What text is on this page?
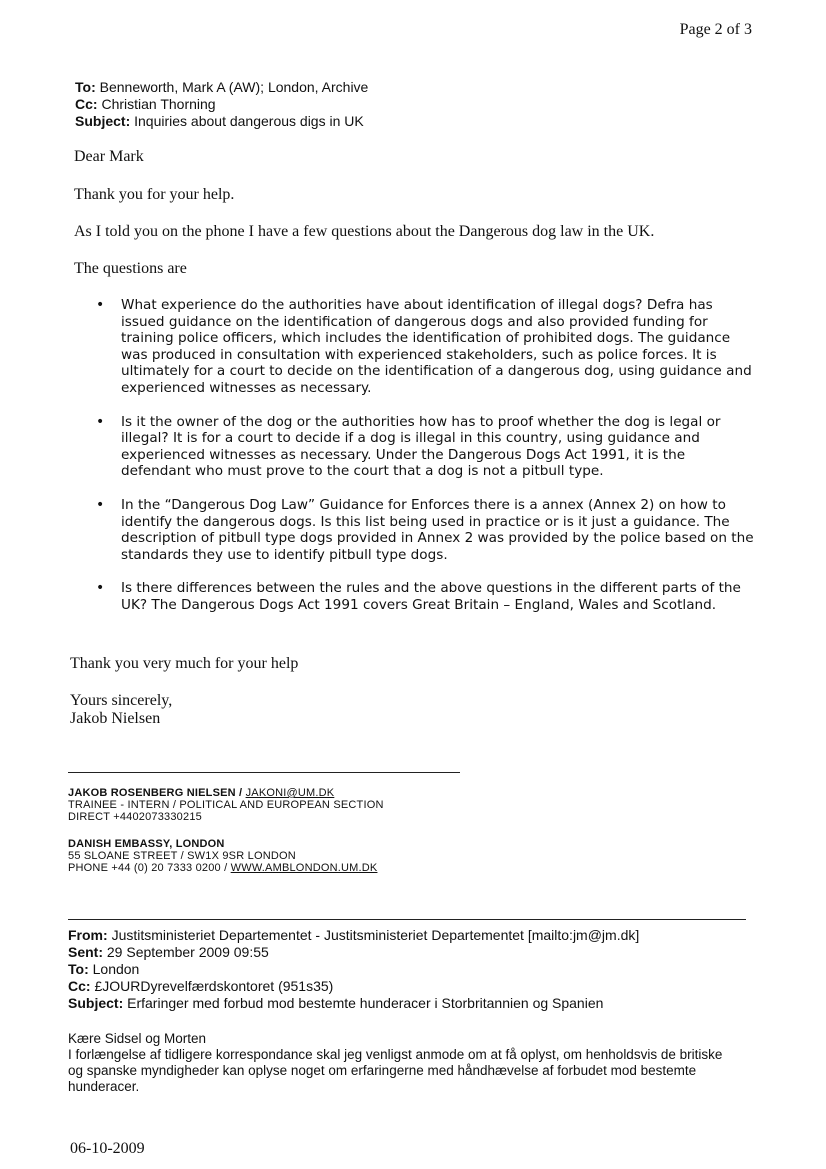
Page 2 of 3
To: Benneworth, Mark A (AW); London, Archive
Cc: Christian Thorning
Subject: Inquiries about dangerous digs in UK
Dear Mark
Thank you for your help.
As I told you on the phone I have a few questions about the Dangerous dog law in the UK.
The questions are
• What experience do the authorities have about identification of illegal dogs? Defra has issued guidance on the identification of dangerous dogs and also provided funding for training police officers, which includes the identification of prohibited dogs. The guidance was produced in consultation with experienced stakeholders, such as police forces. It is ultimately for a court to decide on the identification of a dangerous dog, using guidance and experienced witnesses as necessary.
• Is it the owner of the dog or the authorities how has to proof whether the dog is legal or illegal? It is for a court to decide if a dog is illegal in this country, using guidance and experienced witnesses as necessary. Under the Dangerous Dogs Act 1991, it is the defendant who must prove to the court that a dog is not a pitbull type.
• In the “Dangerous Dog Law” Guidance for Enforces there is a annex (Annex 2) on how to identify the dangerous dogs. Is this list being used in practice or is it just a guidance. The description of pitbull type dogs provided in Annex 2 was provided by the police based on the standards they use to identify pitbull type dogs.
• Is there differences between the rules and the above questions in the different parts of the UK? The Dangerous Dogs Act 1991 covers Great Britain – England, Wales and Scotland.
Thank you very much for your help
Yours sincerely,
Jakob Nielsen
JAKOB ROSENBERG NIELSEN / JAKONI@UM.DK
TRAINEE - INTERN / POLITICAL AND EUROPEAN SECTION
DIRECT +4402073330215
DANISH EMBASSY, LONDON
55 SLOANE STREET / SW1X 9SR LONDON
PHONE +44 (0) 20 7333 0200 / WWW.AMBLONDON.UM.DK
From: Justitsministeriet Departementet - Justitsministeriet Departementet [mailto:jm@jm.dk]
Sent: 29 September 2009 09:55
To: London
Cc: £JOURDyrevelfærdskontoret (951s35)
Subject: Erfaringer med forbud mod bestemte hunderacer i Storbritannien og Spanien
Kære Sidsel og Morten
I forlængelse af tidligere korrespondance skal jeg venligst anmode om at få oplyst, om henholdsvis de britiske
og spanske myndigheder kan oplyse noget om erfaringerne med håndhævelse af forbudet mod bestemte
hunderacer.
06-10-2009
